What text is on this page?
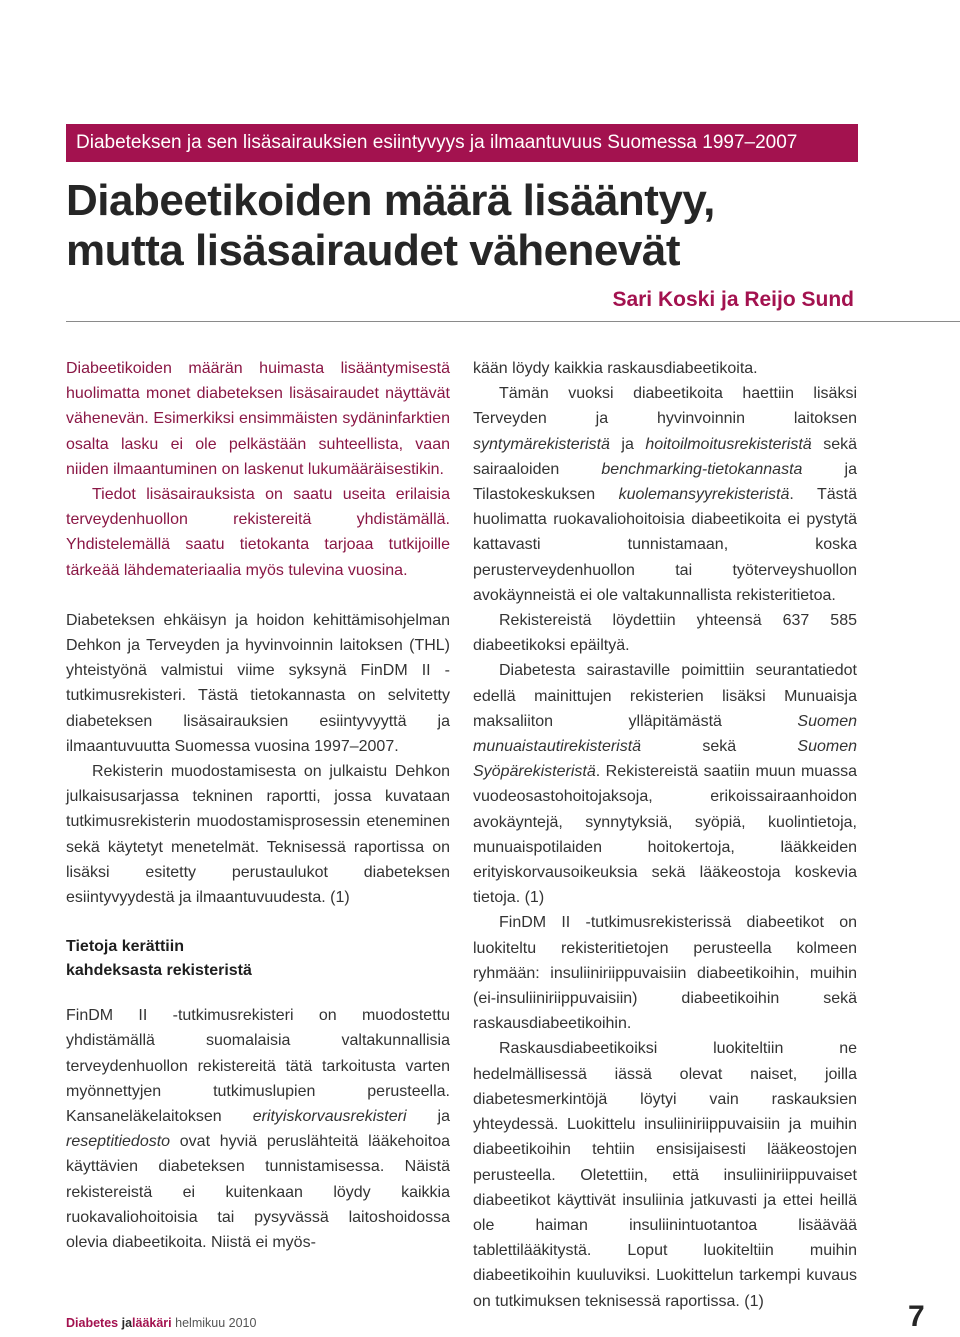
Diabeteksen ja sen lisäsairauksien esiintyvyys ja ilmaantuvuus Suomessa 1997–2007
Diabeetikoiden määrä lisääntyy,
mutta lisäsairaudet vähenevät
Sari Koski ja Reijo Sund

Diabeetikoiden määrän huimasta lisääntymisestä huolimatta monet diabeteksen lisäsairaudet näyttävät vähenevän. Esimerkiksi ensimmäisten sydäninfarktien osalta lasku ei ole pelkästään suhteellista, vaan niiden ilmaantuminen on laskenut lukumääräisestikin.

Tiedot lisäsairauksista on saatu useita erilaisia terveydenhuollon rekistereitä yhdistämällä. Yhdistelemällä saatu tietokanta tarjoaa tutkijoille tärkeää lähdemateriaalia myös tulevina vuosina.

Diabeteksen ehkäisyn ja hoidon kehittämisohjelman Dehkon ja Terveyden ja hyvinvoinnin laitoksen (THL) yhteistyönä valmistui viime syksynä FinDM II -tutkimusrekisteri. Tästä tietokannasta on selvitetty diabeteksen lisäsairauksien esiintyvyyttä ja ilmaantuvuutta Suomessa vuosina 1997–2007.

Rekisterin muodostamisesta on julkaistu Dehkon julkaisusarjassa tekninen raportti, jossa kuvataan tutkimusrekisterin muodostamisprosessin eteneminen sekä käytetyt menetelmät. Teknisessä raportissa on lisäksi esitetty perustaulukot diabeteksen esiintyvyydestä ja ilmaantuvuudesta. (1)

Tietoja kerättiin
kahdeksasta rekisteristä

FinDM II -tutkimusrekisteri on muodostettu yhdistämällä suomalaisia valtakunnallisia terveydenhuollon rekistereitä tätä tarkoitusta varten myönnettyjen tutkimuslupien perusteella. Kansaneläkelaitoksen erityiskorvausrekisteri ja reseptitiedosto ovat hyviä peruslähteitä lääkehoitoa käyttävien diabeteksen tunnistamisessa. Näistä rekistereistä ei kuitenkaan löydy kaikkia ruokavaliohoitoisia tai pysyvässä laitoshoidossa olevia diabeetikoita. Niistä ei myös-

kään löydy kaikkia raskausdiabeetikoita.

Tämän vuoksi diabeetikoita haettiin lisäksi Terveyden ja hyvinvoinnin laitoksen syntymärekisteristä ja hoitoilmoitusrekisteristä sekä sairaaloiden benchmarking-tietokannasta ja Tilastokeskuksen kuolemansyyrekisteristä. Tästä huolimatta ruokavaliohoitoisia diabeetikoita ei pystytä kattavasti tunnistamaan, koska perusterveydenhuollon tai työterveyshuollon avokäynneistä ei ole valtakunnallista rekisteritietoa.

Rekistereistä löydettiin yhteensä 637 585 diabeetikoksi epäiltyä.

Diabetesta sairastaville poimittiin seurantatiedot edellä mainittujen rekisterien lisäksi Munuaisja maksaliiton ylläpitämästä Suomen munuaistautirekisteristä sekä Suomen Syöpärekisteristä. Rekistereistä saatiin muun muassa vuodeosastohoitojaksoja, erikoissairaanhoidon avokäyntejä, synnytyksiä, syöpiä, kuolintietoja, munuaispotilaiden hoitokertoja, lääkkeiden erityiskorvausoikeuksia sekä lääkeostoja koskevia tietoja. (1)

FinDM II -tutkimusrekisterissä diabeetikot on luokiteltu rekisteritietojen perusteella kolmeen ryhmään: insuliiniriippuvaisiin diabeetikoihin, muihin (ei-insuliiniriippuvaisiin) diabeetikoihin sekä raskausdiabeetikoihin.

Raskausdiabeetikoiksi luokiteltiin ne hedelmällisessä iässä olevat naiset, joilla diabetesmerkintöjä löytyi vain raskauksien yhteydessä. Luokittelu insuliiniriippuvaisiin ja muihin diabeetikoihin tehtiin ensisijaisesti lääkeostojen perusteella. Oletettiin, että insuliiniriippuvaiset diabeetikot käyttivät insuliinia jatkuvasti ja ettei heillä ole haiman insuliinintuotantoa lisäävää tablettilääkitystä. Loput luokiteltiin muihin diabeetikoihin kuuluviksi. Luokittelun tarkempi kuvaus on tutkimuksen teknisessä raportissa. (1)

Diabetes jalääkäri helmikuu 2010	7
